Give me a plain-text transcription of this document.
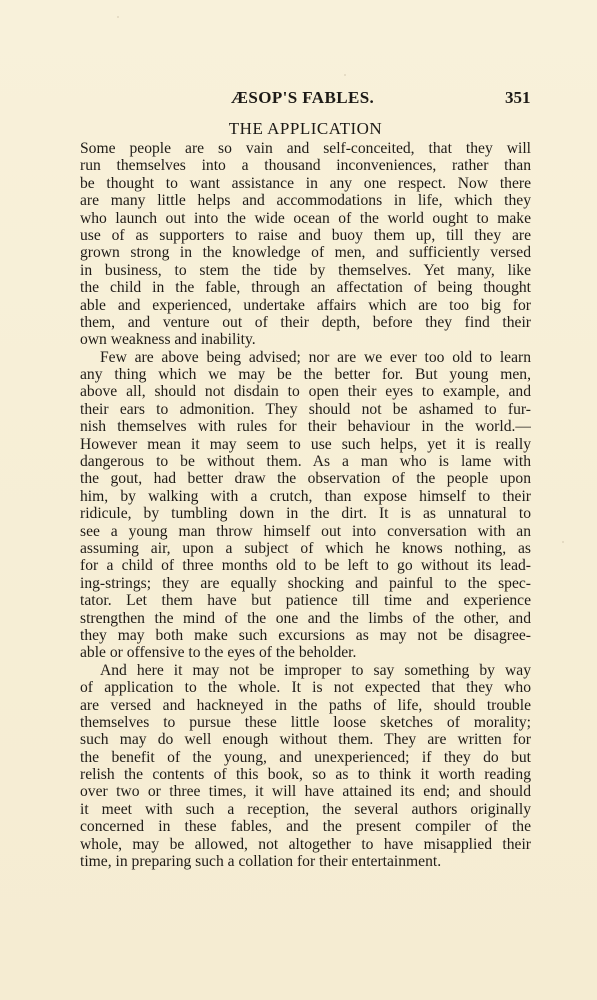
ÆSOP'S FABLES.	351
THE APPLICATION
Some people are so vain and self-conceited, that they will
run themselves into a thousand inconveniences, rather than
be thought to want assistance in any one respect. Now there
are many little helps and accommodations in life, which they
who launch out into the wide ocean of the world ought to make
use of as supporters to raise and buoy them up, till they are
grown strong in the knowledge of men, and sufficiently versed
in business, to stem the tide by themselves. Yet many, like
the child in the fable, through an affectation of being thought
able and experienced, undertake affairs which are too big for
them, and venture out of their depth, before they find their
own weakness and inability.
Few are above being advised; nor are we ever too old to learn
any thing which we may be the better for. But young men,
above all, should not disdain to open their eyes to example, and
their ears to admonition. They should not be ashamed to fur-
nish themselves with rules for their behaviour in the world.—
However mean it may seem to use such helps, yet it is really
dangerous to be without them. As a man who is lame with
the gout, had better draw the observation of the people upon
him, by walking with a crutch, than expose himself to their
ridicule, by tumbling down in the dirt. It is as unnatural to
see a young man throw himself out into conversation with an
assuming air, upon a subject of which he knows nothing, as
for a child of three months old to be left to go without its lead-
ing-strings; they are equally shocking and painful to the spec-
tator. Let them have but patience till time and experience
strengthen the mind of the one and the limbs of the other, and
they may both make such excursions as may not be disagree-
able or offensive to the eyes of the beholder.
And here it may not be improper to say something by way
of application to the whole. It is not expected that they who
are versed and hackneyed in the paths of life, should trouble
themselves to pursue these little loose sketches of morality;
such may do well enough without them. They are written for
the benefit of the young, and unexperienced; if they do but
relish the contents of this book, so as to think it worth reading
over two or three times, it will have attained its end; and should
it meet with such a reception, the several authors originally
concerned in these fables, and the present compiler of the
whole, may be allowed, not altogether to have misapplied their
time, in preparing such a collation for their entertainment.
